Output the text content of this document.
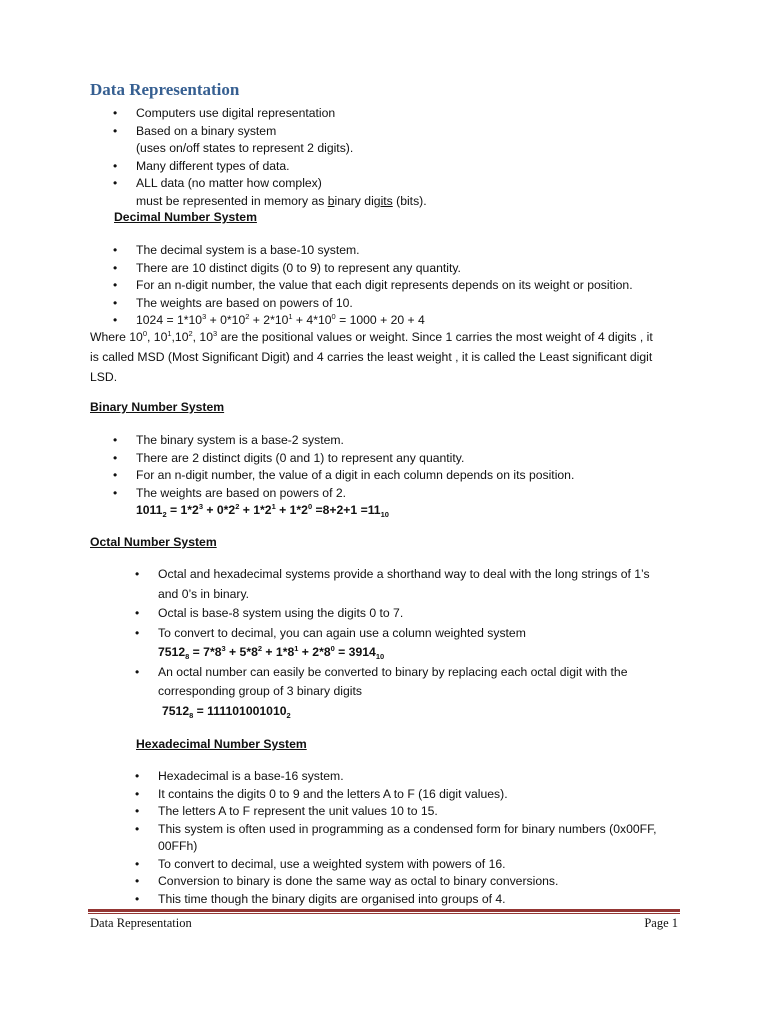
Data Representation
• Computers use digital representation
• Based on a binary system
(uses on/off states to represent 2 digits).
• Many different types of data.
• ALL data (no matter how complex)
must be represented in memory as binary digits (bits).
Decimal Number System
• The decimal system is a base-10 system.
• There are 10 distinct digits (0 to 9) to represent any quantity.
• For an n-digit number, the value that each digit represents depends on its weight or position.
• The weights are based on powers of 10.
• $1024 = 1*10^3 + 0*10^2 + 2*10^1 + 4*10^0 = 1000 + 20 + 4$
Where $10^0$, $10^1,10^2$, $10^3$ are the positional values or weight. Since 1 carries the most weight of 4 digits , it
is called MSD (Most Significant Digit) and 4 carries the least weight , it is called the Least significant digit
LSD.
Binary Number System
• The binary system is a base-2 system.
• There are 2 distinct digits (0 and 1) to represent any quantity.
• For an n-digit number, the value of a digit in each column depends on its position.
• The weights are based on powers of 2.
$1011_2 = 1*2^3 + 0*2^2 + 1*2^1 + 1*2^0 =8+2+1 =11_{10}$
Octal Number System
• Octal and hexadecimal systems provide a shorthand way to deal with the long strings of 1’s
and 0’s in binary.
• Octal is base-8 system using the digits 0 to 7.
• To convert to decimal, you can again use a column weighted system
$7512_8 = 7*8^3 + 5*8^2 + 1*8^1 + 2*8^0 = 3914_{10}$
• An octal number can easily be converted to binary by replacing each octal digit with the
corresponding group of 3 binary digits
$7512_8 = 111101001010_2$
Hexadecimal Number System
• Hexadecimal is a base-16 system.
• It contains the digits 0 to 9 and the letters A to F (16 digit values).
• The letters A to F represent the unit values 10 to 15.
• This system is often used in programming as a condensed form for binary numbers (0x00FF,
00FFh)
• To convert to decimal, use a weighted system with powers of 16.
• Conversion to binary is done the same way as octal to binary conversions.
• This time though the binary digits are organised into groups of 4.
Data Representation	Page 1
